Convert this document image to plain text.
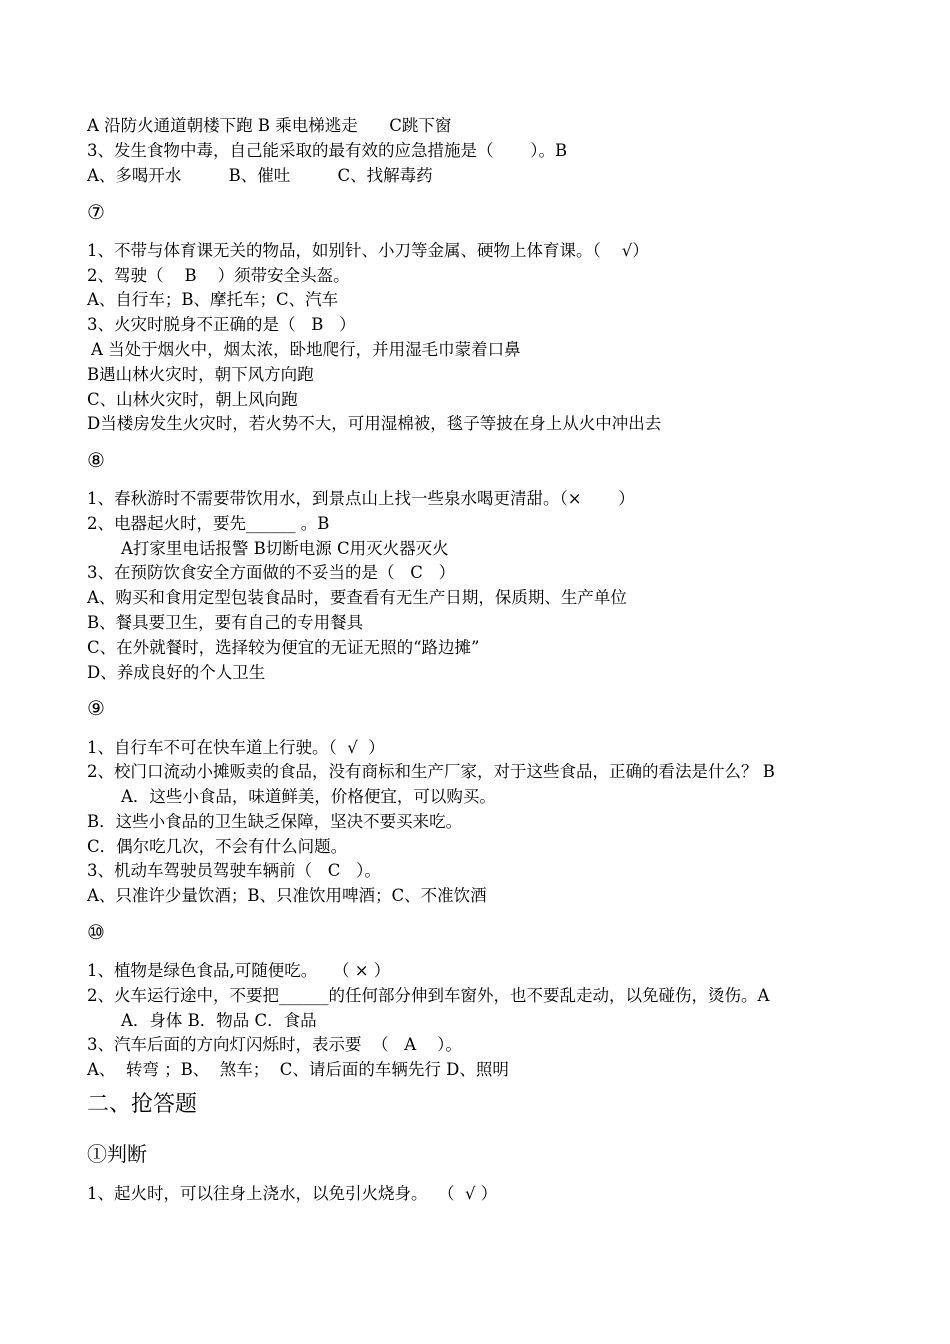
A 沿防火通道朝楼下跑 B 乘电梯逃走      C跳下窗
3、发生食物中毒，自己能采取的最有效的应急措施是（       ）。B
A、多喝开水         B、催吐         C、找解毒药
⑦
1、不带与体育课无关的物品，如别针、小刀等金属、硬物上体育课。（    √）
2、驾驶（    B    ）须带安全头盔。
A、自行车；B、摩托车；C、汽车
3、火灾时脱身不正确的是（   B   ）
A 当处于烟火中，烟太浓，卧地爬行，并用湿毛巾蒙着口鼻
B遇山林火灾时，朝下风方向跑
C、山林火灾时，朝上风向跑
D当楼房发生火灾时，若火势不大，可用湿棉被，毯子等披在身上从火中冲出去
⑧
1、春秋游时不需要带饮用水，到景点山上找一些泉水喝更清甜。（×       ）
2、电器起火时，要先______ 。B
A打家里电话报警 B切断电源 C用灭火器灭火
3、在预防饮食安全方面做的不妥当的是（   C   ）
A、购买和食用定型包装食品时，要查看有无生产日期，保质期、生产单位
B、餐具要卫生，要有自己的专用餐具
C、在外就餐时，选择较为便宜的无证无照的“路边摊”
D、养成良好的个人卫生
⑨
1、自行车不可在快车道上行驶。（  √  ）
2、校门口流动小摊贩卖的食品，没有商标和生产厂家，对于这些食品，正确的看法是什么？ B
A．这些小食品，味道鲜美，价格便宜，可以购买。
B．这些小食品的卫生缺乏保障，坚决不要买来吃。
C．偶尔吃几次，不会有什么问题。
3、机动车驾驶员驾驶车辆前（   C   ）。
A、只准许少量饮酒；B、只准饮用啤酒；C、不准饮酒
⑩
1、植物是绿色食品,可随便吃。   （ × ）
2、火车运行途中，不要把______的任何部分伸到车窗外，也不要乱走动，以免碰伤，烫伤。A
A．身体 B．物品 C．食品
3、汽车后面的方向灯闪烁时，表示要  （   A    ）。
A、  转弯 ；B、  煞车；  C、请后面的车辆先行 D、照明
二、抢答题
①判断
1、起火时，可以往身上浇水，以免引火烧身。  （  √ ）
